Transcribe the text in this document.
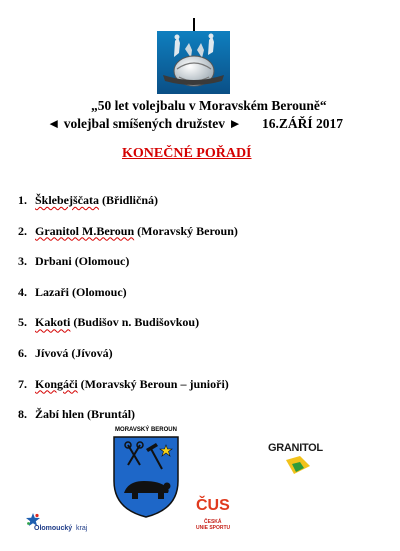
„50 let volejbalu v Moravském Berouně“
◄ volejbal smíšených družstev ► 16.ZÁŘÍ 2017
KONEČNÉ POŘADÍ
1. Šklebejščata (Břidličná)
2. Granitol M.Beroun (Moravský Beroun)
3. Drbani (Olomouc)
4. Lazaři (Olomouc)
5. Kakoti (Budišov n. Budišovkou)
6. Jívová (Jívová)
7. Kongáči (Moravský Beroun – junioři)
8. Žabí hlen (Bruntál)
MORAVSKÝ BEROUN
GRANITOL
Olomoucký kraj
ČUS
ČESKÁ
UNIE SPORTU
